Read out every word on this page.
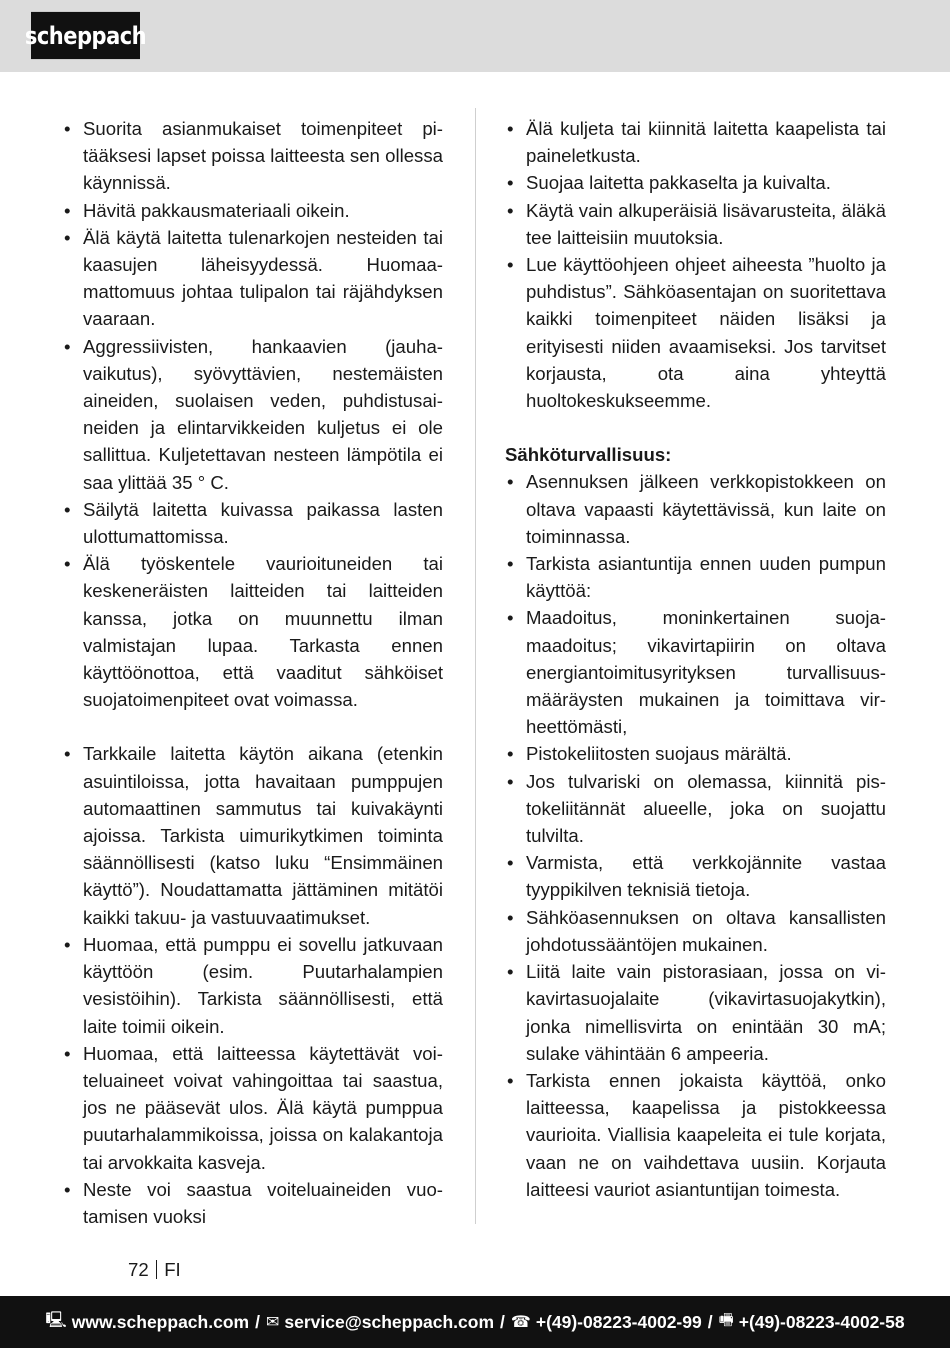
scheppach
• Suorita asianmukaiset toimenpiteet pitääksesi lapset poissa laitteesta sen ollessa käynnissä.
• Hävitä pakkausmateriaali oikein.
• Älä käytä laitetta tulenarkojen nesteiden tai kaasujen läheisyydessä. Huomaamattomuus johtaa tulipalon tai räjähdyksen vaaraan.
• Aggressiivisten, hankaavien (jauhavaikutus), syövyttävien, nestemäisten aineiden, suolaisen veden, puhdistusaineiden ja elintarvikkeiden kuljetus ei ole sallittua. Kuljetettavan nesteen lämpötila ei saa ylittää 35 ° C.
• Säilytä laitetta kuivassa paikassa lasten ulottumattomissa.
• Älä työskentele vaurioituneiden tai keskeneräisten laitteiden tai laitteiden kanssa, jotka on muunnettu ilman valmistajan lupaa. Tarkasta ennen käyttöönottoa, että vaaditut sähköiset suojatoimenpiteet ovat voimassa.
• Tarkkaile laitetta käytön aikana (etenkin asuintiloissa, jotta havaitaan pumppujen automaattinen sammutus tai kuivakäynti ajoissa. Tarkista uimurikytkimen toiminta säännöllisesti (katso luku “Ensimmäinen käyttö”). Noudattamatta jättäminen mitätöi kaikki takuu- ja vastuuvaatimukset.
• Huomaa, että pumppu ei sovellu jatkuvaan käyttöön (esim. Puutarhalampien vesistöihin). Tarkista säännöllisesti, että laite toimii oikein.
• Huomaa, että laitteessa käytettävät voiteluaineet voivat vahingoittaa tai saastua, jos ne pääsevät ulos. Älä käytä pumppua puutarhalammikoissa, joissa on kalakantoja tai arvokkaita kasveja.
• Neste voi saastua voiteluaineiden vuotamisen vuoksi
• Älä kuljeta tai kiinnitä laitetta kaapelista tai paineletkusta.
• Suojaa laitetta pakkaselta ja kuivalta.
• Käytä vain alkuperäisiä lisävarusteita, äläkä tee laitteisiin muutoksia.
• Lue käyttöohjeen ohjeet aiheesta ”huolto ja puhdistus”. Sähköasentajan on suoritettava kaikki toimenpiteet näiden lisäksi ja erityisesti niiden avaamiseksi. Jos tarvitset korjausta, ota aina yhteyttä huoltokeskukseemme.
Sähköturvallisuus:
• Asennuksen jälkeen verkkopistokkeen on oltava vapaasti käytettävissä, kun laite on toiminnassa.
• Tarkista asiantuntija ennen uuden pumpun käyttöä:
• Maadoitus, moninkertainen suojamaadoitus; vikavirtapiirin on oltava energiantoimitusyrityksen turvallisuusmääräysten mukainen ja toimittava virheettömästi,
• Pistokeliitosten suojaus märältä.
• Jos tulvariski on olemassa, kiinnitä pistokeliitännät alueelle, joka on suojattu tulvilta.
• Varmista, että verkkojännite vastaa tyyppikilven teknisiä tietoja.
• Sähköasennuksen on oltava kansallisten johdotussääntöjen mukainen.
• Liitä laite vain pistorasiaan, jossa on vikavirtasuojalaite (vikavirtasuojakytkin), jonka nimellisvirta on enintään 30 mA; sulake vähintään 6 ampeeria.
• Tarkista ennen jokaista käyttöä, onko laitteessa, kaapelissa ja pistokkeessa vaurioita. Viallisia kaapeleita ei tule korjata, vaan ne on vaihdettava uusiin. Korjauta laitteesi vauriot asiantuntijan toimesta.
72 FI
🖳 www.scheppach.com / ✉ service@scheppach.com / ☎ +(49)-08223-4002-99 / 🖷 +(49)-08223-4002-58
